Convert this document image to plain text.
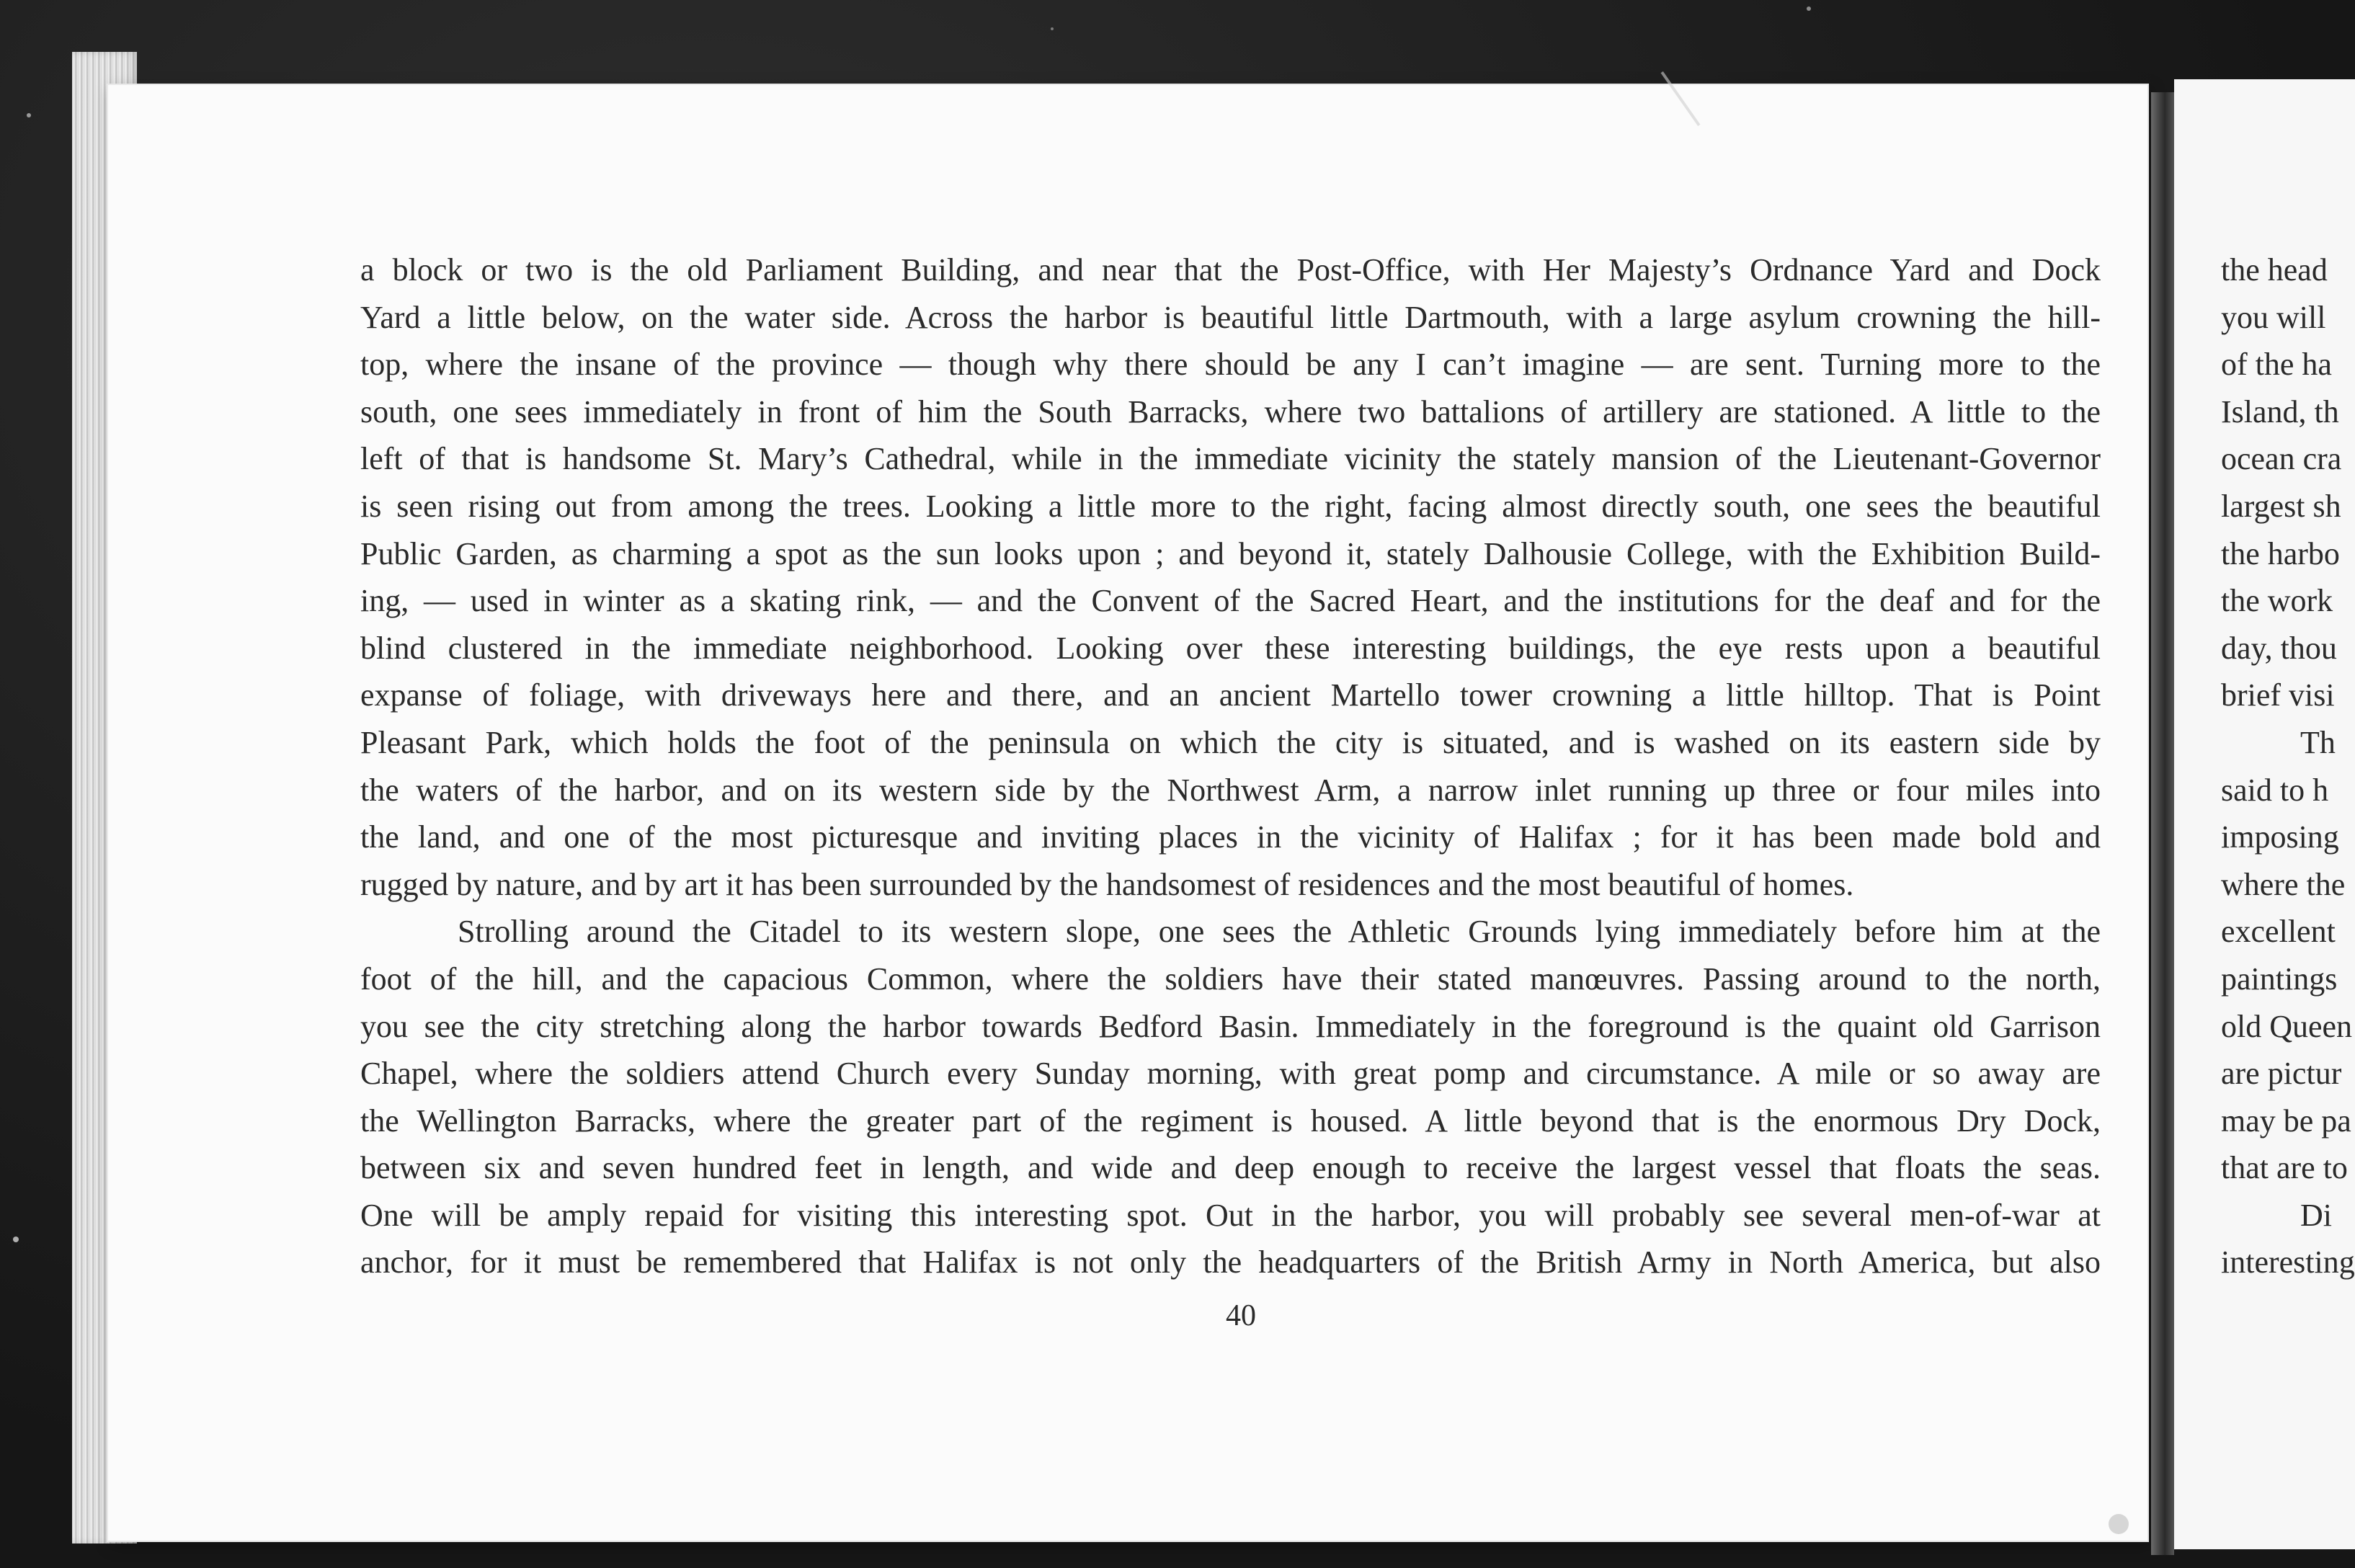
a block or two is the old Parliament Building, and near that the Post-Office, with Her Majesty’s Ordnance Yard and Dock
Yard a little below, on the water side. Across the harbor is beautiful little Dartmouth, with a large asylum crowning the hill-
top, where the insane of the province — though why there should be any I can’t imagine — are sent. Turning more to the
south, one sees immediately in front of him the South Barracks, where two battalions of artillery are stationed. A little to the
left of that is handsome St. Mary’s Cathedral, while in the immediate vicinity the stately mansion of the Lieutenant-Governor
is seen rising out from among the trees. Looking a little more to the right, facing almost directly south, one sees the beautiful
Public Garden, as charming a spot as the sun looks upon ; and beyond it, stately Dalhousie College, with the Exhibition Build-
ing, — used in winter as a skating rink, — and the Convent of the Sacred Heart, and the institutions for the deaf and for the
blind clustered in the immediate neighborhood. Looking over these interesting buildings, the eye rests upon a beautiful
expanse of foliage, with driveways here and there, and an ancient Martello tower crowning a little hilltop. That is Point
Pleasant Park, which holds the foot of the peninsula on which the city is situated, and is washed on its eastern side by
the waters of the harbor, and on its western side by the Northwest Arm, a narrow inlet running up three or four miles into
the land, and one of the most picturesque and inviting places in the vicinity of Halifax ; for it has been made bold and
rugged by nature, and by art it has been surrounded by the handsomest of residences and the most beautiful of homes.
Strolling around the Citadel to its western slope, one sees the Athletic Grounds lying immediately before him at the
foot of the hill, and the capacious Common, where the soldiers have their stated manœuvres. Passing around to the north,
you see the city stretching along the harbor towards Bedford Basin. Immediately in the foreground is the quaint old Garrison
Chapel, where the soldiers attend Church every Sunday morning, with great pomp and circumstance. A mile or so away are
the Wellington Barracks, where the greater part of the regiment is housed. A little beyond that is the enormous Dry Dock,
between six and seven hundred feet in length, and wide and deep enough to receive the largest vessel that floats the seas.
One will be amply repaid for visiting this interesting spot. Out in the harbor, you will probably see several men-of-war at
anchor, for it must be remembered that Halifax is not only the headquarters of the British Army in North America, but also
40
the head
you will
of the ha
Island, th
ocean cra
largest sh
the harbo
the work
day, thou
brief visi
Th
said to h
imposing
where the
excellent
paintings
old Queen
are pictur
may be pa
that are to
Di
interesting
